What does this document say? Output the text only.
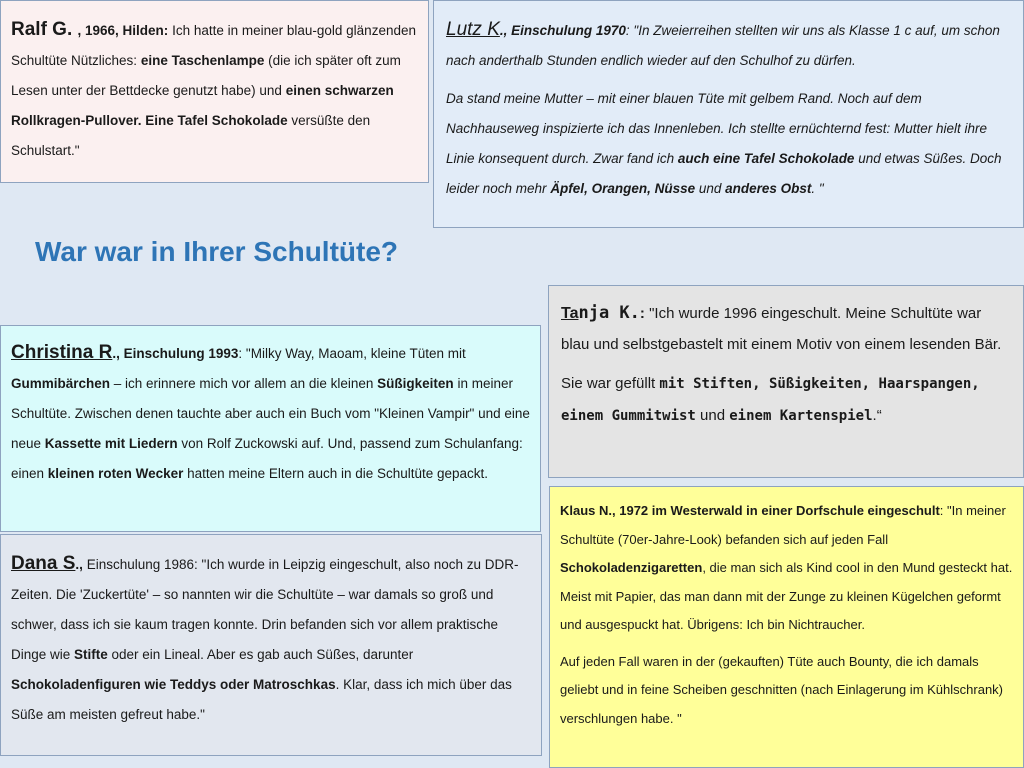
Ralf G. , 1966, Hilden: Ich hatte in meiner blau-gold glänzenden Schultüte Nützliches: eine Taschenlampe (die ich später oft zum Lesen unter der Bettdecke genutzt habe) und einen schwarzen Rollkragen-Pullover. Eine Tafel Schokolade versüßte den Schulstart."

Lutz K., Einschulung 1970: "In Zweierreihen stellten wir uns als Klasse 1 c auf, um schon nach anderthalb Stunden endlich wieder auf den Schulhof zu dürfen.

Da stand meine Mutter – mit einer blauen Tüte mit gelbem Rand. Noch auf dem Nachhauseweg inspizierte ich das Innenleben. Ich stellte ernüchternd fest: Mutter hielt ihre Linie konsequent durch. Zwar fand ich auch eine Tafel Schokolade und etwas Süßes. Doch leider noch mehr Äpfel, Orangen, Nüsse und anderes Obst. "

War war in Ihrer Schultüte?

Tanja K.: "Ich wurde 1996 eingeschult. Meine Schultüte war blau und selbstgebastelt mit einem Motiv von einem lesenden Bär.

Sie war gefüllt mit Stiften, Süßigkeiten, Haarspangen, einem Gummitwist und einem Kartenspiel.“

Christina R., Einschulung 1993: "Milky Way, Maoam, kleine Tüten mit Gummibärchen – ich erinnere mich vor allem an die kleinen Süßigkeiten in meiner Schultüte. Zwischen denen tauchte aber auch ein Buch vom "Kleinen Vampir" und eine neue Kassette mit Liedern von Rolf Zuckowski auf. Und, passend zum Schulanfang: einen kleinen roten Wecker hatten meine Eltern auch in die Schultüte gepackt.

Klaus N., 1972 im Westerwald in einer Dorfschule eingeschult: "In meiner Schultüte (70er-Jahre-Look) befanden sich auf jeden Fall Schokoladenzigaretten, die man sich als Kind cool in den Mund gesteckt hat. Meist mit Papier, das man dann mit der Zunge zu kleinen Kügelchen geformt und ausgespuckt hat. Übrigens: Ich bin Nichtraucher.

Auf jeden Fall waren in der (gekauften) Tüte auch Bounty, die ich damals geliebt und in feine Scheiben geschnitten (nach Einlagerung im Kühlschrank) verschlungen habe. "

Dana S., Einschulung 1986: "Ich wurde in Leipzig eingeschult, also noch zu DDR-Zeiten. Die 'Zuckertüte' – so nannten wir die Schultüte – war damals so groß und schwer, dass ich sie kaum tragen konnte. Drin befanden sich vor allem praktische Dinge wie Stifte oder ein Lineal. Aber es gab auch Süßes, darunter Schokoladenfiguren wie Teddys oder Matroschkas. Klar, dass ich mich über das Süße am meisten gefreut habe."
